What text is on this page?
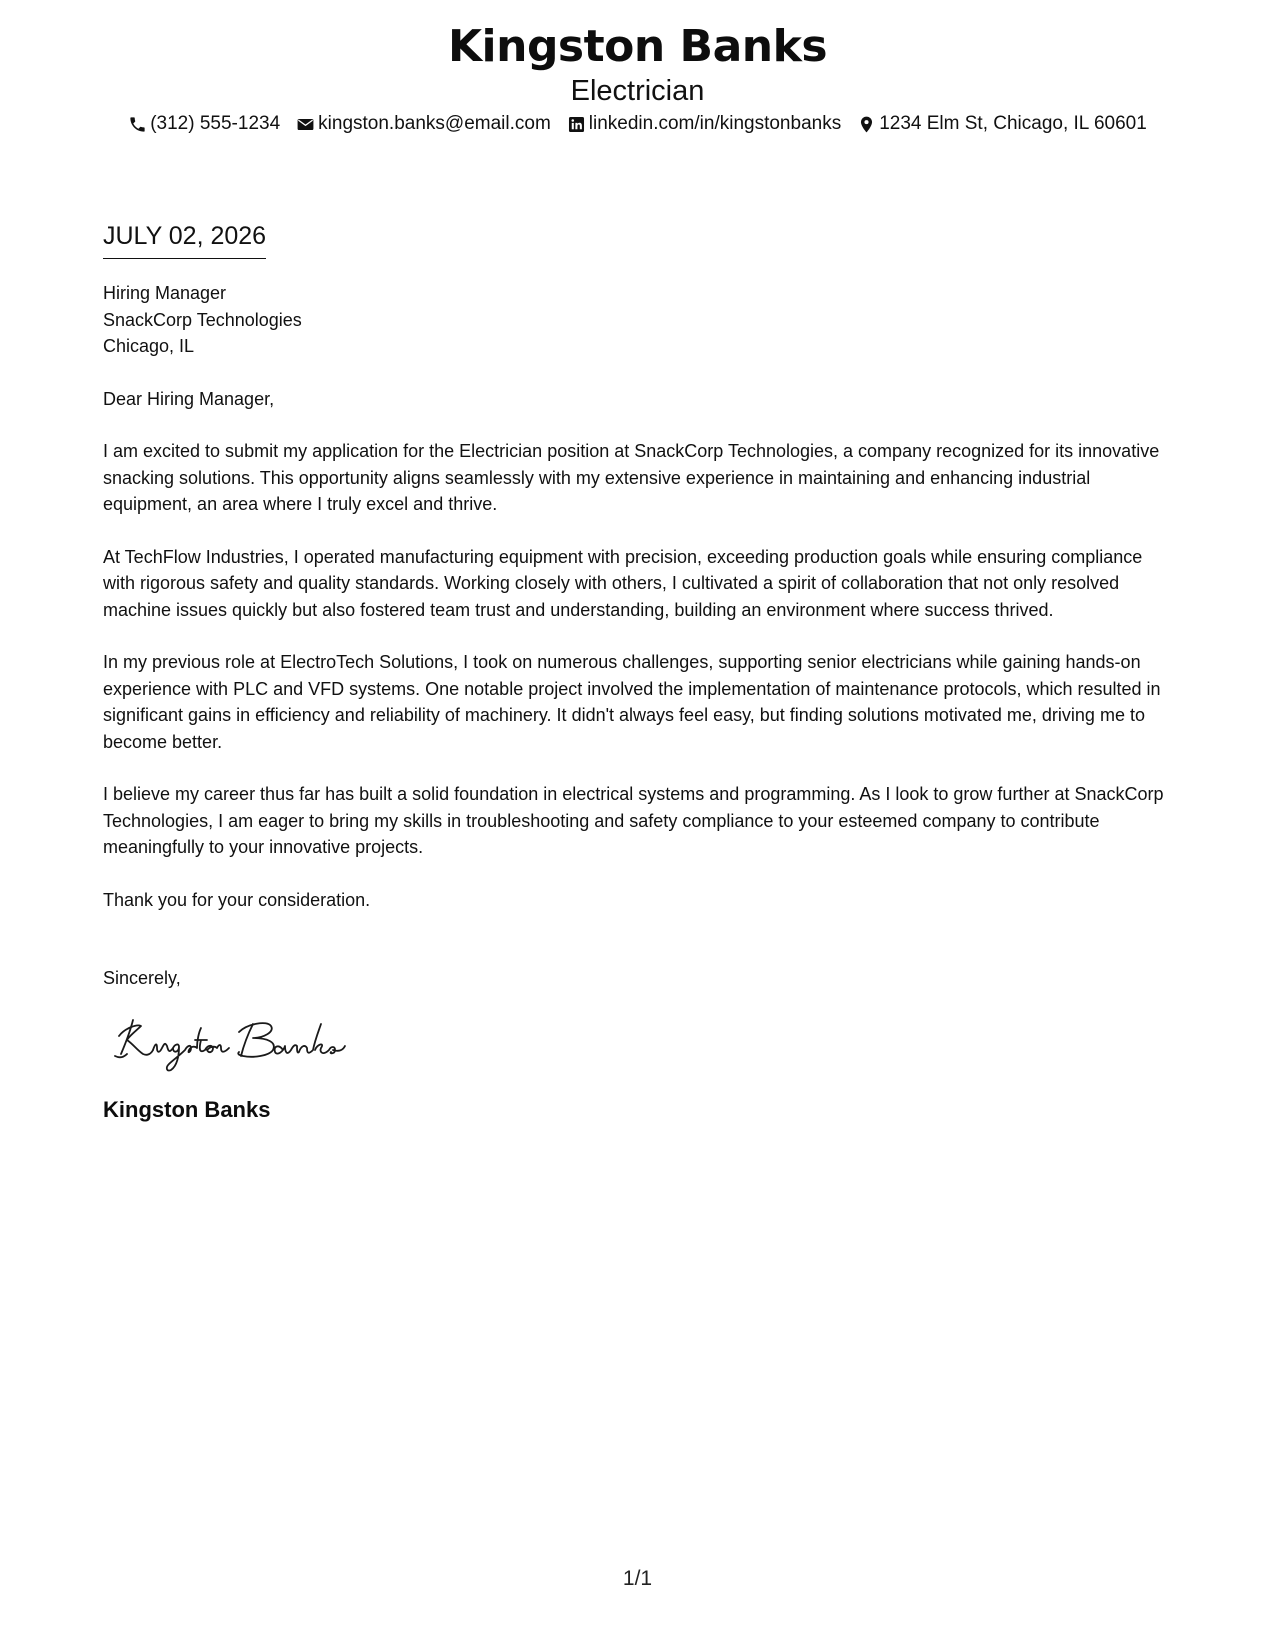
Kingston Banks
Electrician
(312) 555-1234 kingston.banks@email.com linkedin.com/in/kingstonbanks 1234 Elm St, Chicago, IL 60601
JULY 02, 2026
Hiring Manager
SnackCorp Technologies
Chicago, IL
Dear Hiring Manager,

I am excited to submit my application for the Electrician position at SnackCorp Technologies, a company recognized for its innovative snacking solutions. This opportunity aligns seamlessly with my extensive experience in maintaining and enhancing industrial equipment, an area where I truly excel and thrive.

At TechFlow Industries, I operated manufacturing equipment with precision, exceeding production goals while ensuring compliance with rigorous safety and quality standards. Working closely with others, I cultivated a spirit of collaboration that not only resolved machine issues quickly but also fostered team trust and understanding, building an environment where success thrived.

In my previous role at ElectroTech Solutions, I took on numerous challenges, supporting senior electricians while gaining hands-on experience with PLC and VFD systems. One notable project involved the implementation of maintenance protocols, which resulted in significant gains in efficiency and reliability of machinery. It didn't always feel easy, but finding solutions motivated me, driving me to become better.

I believe my career thus far has built a solid foundation in electrical systems and programming. As I look to grow further at SnackCorp Technologies, I am eager to bring my skills in troubleshooting and safety compliance to your esteemed company to contribute meaningfully to your innovative projects.

Thank you for your consideration.
Sincerely,
Kingston Banks
1/1
